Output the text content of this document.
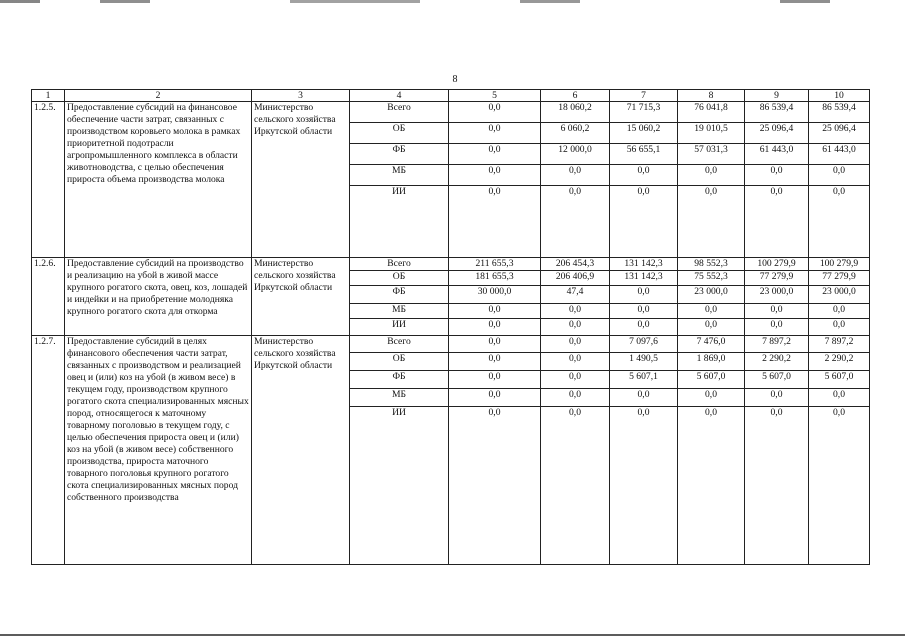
8
1	2	3	4	5	6	7	8	9	10
1.2.5.	Предоставление субсидий на финансовое обеспечение части затрат, связанных с производством коровьего молока в рамках приоритетной подотрасли агропромышленного комплекса в области животноводства, с целью обеспечения прироста объема производства молока	Министерство сельского хозяйства Иркутской области	Всего	0,0	18 060,2	71 715,3	76 041,8	86 539,4	86 539,4
			ОБ	0,0	6 060,2	15 060,2	19 010,5	25 096,4	25 096,4
			ФБ	0,0	12 000,0	56 655,1	57 031,3	61 443,0	61 443,0
			МБ	0,0	0,0	0,0	0,0	0,0	0,0
			ИИ	0,0	0,0	0,0	0,0	0,0	0,0
1.2.6.	Предоставление субсидий на производство и реализацию на убой в живой массе крупного рогатого скота, овец, коз, лошадей и индейки и на приобретение молодняка крупного рогатого скота для откорма	Министерство сельского хозяйства Иркутской области	Всего	211 655,3	206 454,3	131 142,3	98 552,3	100 279,9	100 279,9
			ОБ	181 655,3	206 406,9	131 142,3	75 552,3	77 279,9	77 279,9
			ФБ	30 000,0	47,4	0,0	23 000,0	23 000,0	23 000,0
			МБ	0,0	0,0	0,0	0,0	0,0	0,0
			ИИ	0,0	0,0	0,0	0,0	0,0	0,0
1.2.7.	Предоставление субсидий в целях финансового обеспечения части затрат, связанных с производством и реализацией овец и (или) коз на убой (в живом весе) в текущем году, производством крупного рогатого скота специализированных мясных пород, относящегося к маточному товарному поголовью в текущем году, с целью обеспечения прироста овец и (или) коз на убой (в живом весе) собственного производства, прироста маточного товарного поголовья крупного рогатого скота специализированных мясных пород собственного производства	Министерство сельского хозяйства Иркутской области	Всего	0,0	0,0	7 097,6	7 476,0	7 897,2	7 897,2
			ОБ	0,0	0,0	1 490,5	1 869,0	2 290,2	2 290,2
			ФБ	0,0	0,0	5 607,1	5 607,0	5 607,0	5 607,0
			МБ	0,0	0,0	0,0	0,0	0,0	0,0
			ИИ	0,0	0,0	0,0	0,0	0,0	0,0
